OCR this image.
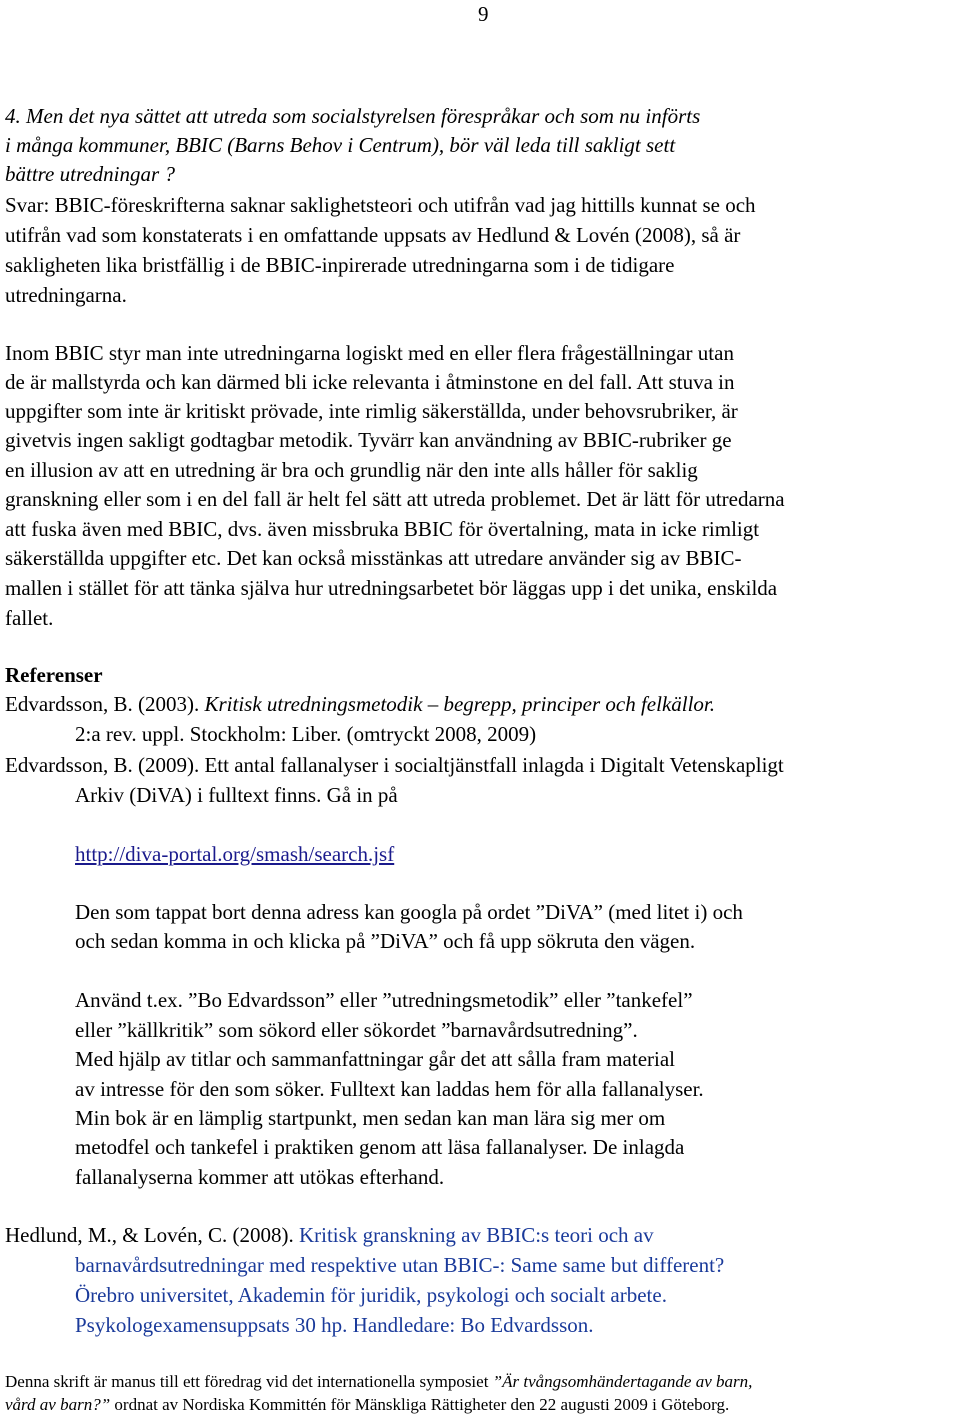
9
4. Men det nya sättet att utreda som socialstyrelsen förespråkar och som nu införts
i många kommuner, BBIC (Barns Behov i Centrum), bör väl leda till sakligt sett
bättre utredningar ?
Svar: BBIC-föreskrifterna saknar saklighetsteori och utifrån vad jag hittills kunnat se och
utifrån vad som konstaterats i en omfattande uppsats av Hedlund & Lovén (2008), så är
sakligheten lika bristfällig i de BBIC-inpirerade utredningarna som i de tidigare
utredningarna.
Inom BBIC styr man inte utredningarna logiskt med en eller flera frågeställningar utan
de är mallstyrda och kan därmed bli icke relevanta i åtminstone en del fall. Att stuva in
uppgifter som inte är kritiskt prövade, inte rimlig säkerställda, under behovsrubriker, är
givetvis ingen sakligt godtagbar metodik. Tyvärr kan användning av BBIC-rubriker ge
en illusion av att en utredning är bra och grundlig när den inte alls håller för saklig
granskning eller som i en del fall är helt fel sätt att utreda problemet. Det är lätt för utredarna
att fuska även med BBIC, dvs. även missbruka BBIC för övertalning, mata in icke rimligt
säkerställda uppgifter etc. Det kan också misstänkas att utredare använder sig av BBIC-
mallen i stället för att tänka själva hur utredningsarbetet bör läggas upp i det unika, enskilda
fallet.
Referenser
Edvardsson, B. (2003). Kritisk utredningsmetodik – begrepp, principer och felkällor.
2:a rev. uppl. Stockholm: Liber. (omtryckt 2008, 2009)
Edvardsson, B. (2009). Ett antal fallanalyser i socialtjänstfall inlagda i Digitalt Vetenskapligt
Arkiv (DiVA) i fulltext finns. Gå in på
http://diva-portal.org/smash/search.jsf
Den som tappat bort denna adress kan googla på ordet ”DiVA” (med litet i) och
och sedan komma in och klicka på ”DiVA” och få upp sökruta den vägen.
Använd t.ex. ”Bo Edvardsson” eller ”utredningsmetodik” eller ”tankefel”
eller ”källkritik” som sökord eller sökordet ”barnavårdsutredning”.
Med hjälp av titlar och sammanfattningar går det att sålla fram material
av intresse för den som söker. Fulltext kan laddas hem för alla fallanalyser.
Min bok är en lämplig startpunkt, men sedan kan man lära sig mer om
metodfel och tankefel i praktiken genom att läsa fallanalyser. De inlagda
fallanalyserna kommer att utökas efterhand.
Hedlund, M., & Lovén, C. (2008). Kritisk granskning av BBIC:s teori och av
barnavårdsutredningar med respektive utan BBIC-: Same same but different?
Örebro universitet, Akademin för juridik, psykologi och socialt arbete.
Psykologexamensuppsats 30 hp. Handledare: Bo Edvardsson.
Denna skrift är manus till ett föredrag vid det internationella symposiet ”Är tvångsomhändertagande av barn,
vård av barn?” ordnat av Nordiska Kommittén för Mänskliga Rättigheter den 22 augusti 2009 i Göteborg.
